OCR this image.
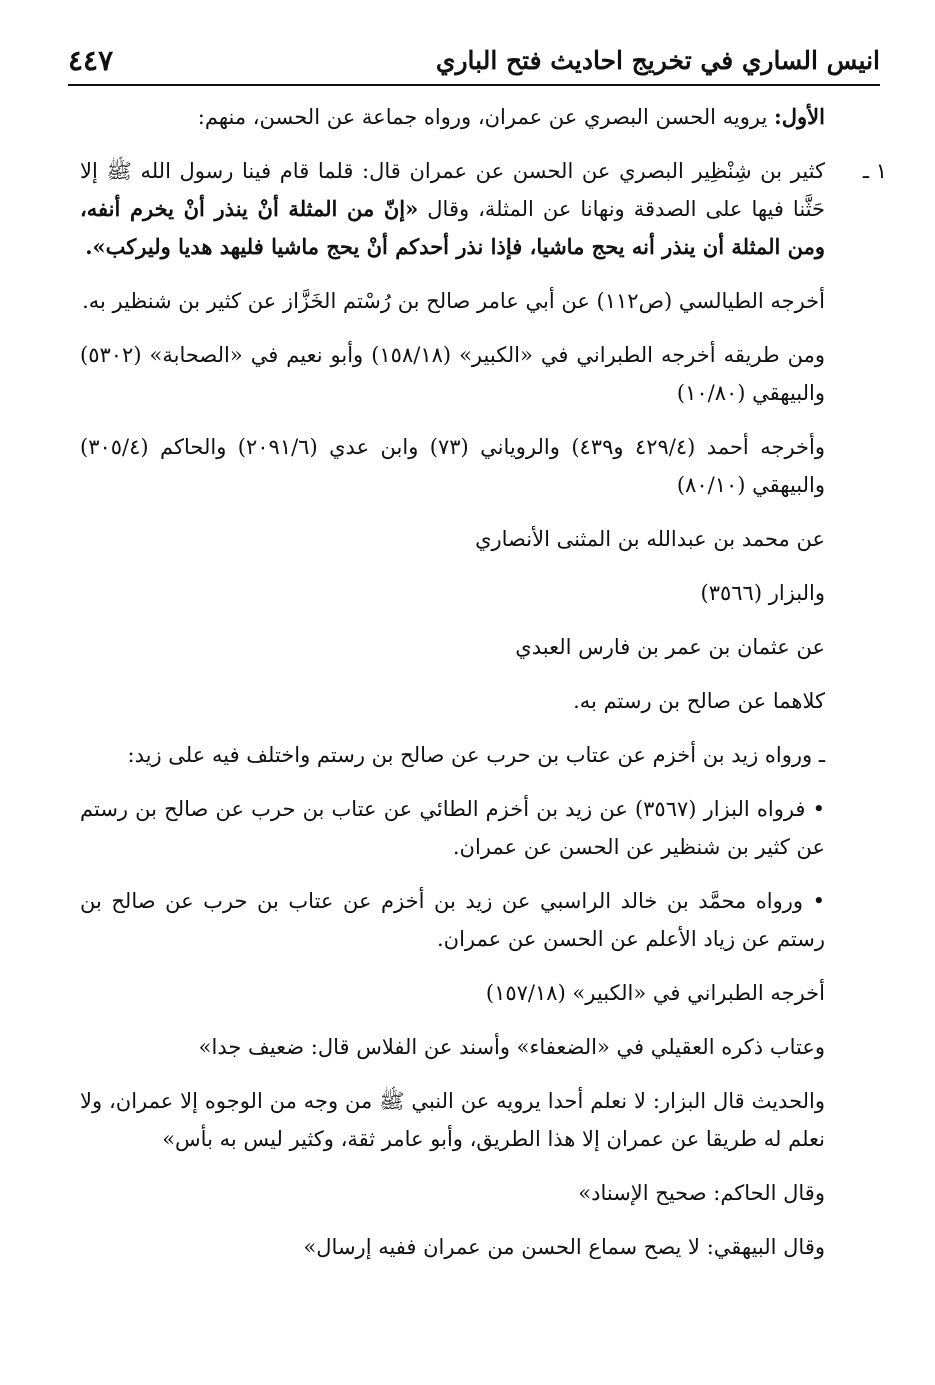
انيس الساري في تخريج احاديث فتح الباري
٤٤٧

الأول: يرويه الحسن البصري عن عمران، ورواه جماعة عن الحسن، منهم:

١ ـ
كثير بن شِنْظِير البصري عن الحسن عن عمران قال: قلما قام فينا رسول الله ﷺ إلا حَثَّنا فيها على الصدقة ونهانا عن المثلة، وقال «إنّ من المثلة أنْ ينذر أنْ يخرم أنفه، ومن المثلة أن ينذر أنه يحج ماشيا، فإذا نذر أحدكم أنْ يحج ماشيا فليهد هديا وليركب».

أخرجه الطيالسي (ص١١٢) عن أبي عامر صالح بن رُسْتم الخَزَّاز عن كثير بن شنظير به.

ومن طريقه أخرجه الطبراني في «الكبير» (١٥٨/١٨) وأبو نعيم في «الصحابة» (٥٣٠٢) والبيهقي (١٠/٨٠)

وأخرجه أحمد (٤٢٩/٤ و٤٣٩) والروياني (٧٣) وابن عدي (٢٠٩١/٦) والحاكم (٣٠٥/٤) والبيهقي (٨٠/١٠)

عن محمد بن عبدالله بن المثنى الأنصاري

والبزار (٣٥٦٦)

عن عثمان بن عمر بن فارس العبدي

كلاهما عن صالح بن رستم به.

ـ ورواه زيد بن أخزم عن عتاب بن حرب عن صالح بن رستم واختلف فيه على زيد:

• فرواه البزار (٣٥٦٧) عن زيد بن أخزم الطائي عن عتاب بن حرب عن صالح بن رستم عن كثير بن شنظير عن الحسن عن عمران.

• ورواه محمَّد بن خالد الراسبي عن زيد بن أخزم عن عتاب بن حرب عن صالح بن رستم عن زياد الأعلم عن الحسن عن عمران.

أخرجه الطبراني في «الكبير» (١٥٧/١٨)

وعتاب ذكره العقيلي في «الضعفاء» وأسند عن الفلاس قال: ضعيف جدا»

والحديث قال البزار: لا نعلم أحدا يرويه عن النبي ﷺ من وجه من الوجوه إلا عمران، ولا نعلم له طريقا عن عمران إلا هذا الطريق، وأبو عامر ثقة، وكثير ليس به بأس»

وقال الحاكم: صحيح الإسناد»

وقال البيهقي: لا يصح سماع الحسن من عمران ففيه إرسال»
